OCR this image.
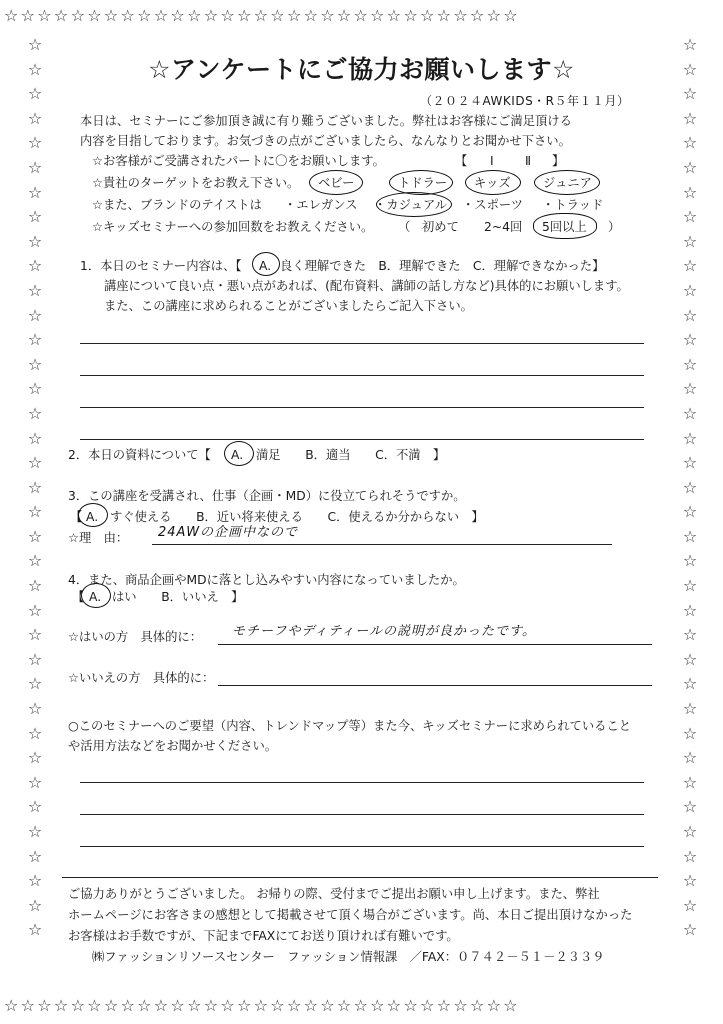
☆☆☆☆☆☆☆☆☆☆☆☆☆☆☆☆☆☆☆☆☆☆☆☆☆☆☆☆☆☆☆
☆☆☆☆☆☆☆☆☆☆☆☆☆☆☆☆☆☆☆☆☆☆☆☆☆☆☆☆☆☆☆
☆
☆
☆
☆
☆
☆
☆
☆
☆
☆
☆
☆
☆
☆
☆
☆
☆
☆
☆
☆
☆
☆
☆
☆
☆
☆
☆
☆
☆
☆
☆
☆
☆
☆
☆
☆
☆
☆
☆
☆
☆
☆
☆
☆
☆
☆
☆
☆
☆
☆
☆
☆
☆
☆
☆
☆
☆
☆
☆
☆
☆
☆
☆
☆
☆
☆
☆
☆
☆
☆
☆
☆
☆
☆
☆アンケートにご協力お願いします☆
（２０２４AWKIDS・R５年１１月）
本日は、セミナーにご参加頂き誠に有り難うございました。弊社はお客様にご満足頂ける
内容を目指しております。お気づきの点がございましたら、なんなりとお聞かせ下さい。
☆お客様がご受講されたパートに〇をお願いします。	【 Ⅰ	Ⅱ 】
☆貴社のターゲットをお教え下さい。 ベビー	トドラー キッズ	ジュニア
☆また、ブランドのテイストは ・エレガンス ・カジュアル ・スポーツ ・トラッド
☆キッズセミナーへの参加回数をお教えください。 （ 初めて 2~4回 5回以上 ）
1．本日のセミナー内容は、【 A. 良く理解できた　B．理解できた　C．理解できなかった】
講座について良い点・悪い点があれば、(配布資料、講師の話し方など)具体的にお願いします。
また、この講座に求められることがございましたらご記入下さい。
2．本日の資料について【 A. 満足　　B．適当　　C．不満　】
3．この講座を受講され、仕事（企画・MD）に役立てられそうですか。
【 A. すぐ使える　　B．近い将来使える　　C．使えるか分からない　】
☆理　由： 24AWの企画中なので
4．また、商品企画やMDに落とし込みやすい内容になっていましたか。
【 A. はい　　B．いいえ　】
☆はいの方　具体的に： モチーフやディティールの説明が良かったです。
☆いいえの方　具体的に：
○このセミナーへのご要望（内容、トレンドマップ等）また今、キッズセミナーに求められていること
や活用方法などをお聞かせください。
ご協力ありがとうございました。 お帰りの際、受付までご提出お願い申し上げます。また、弊社
ホームページにお客さまの感想として掲載させて頂く場合がございます。尚、本日ご提出頂けなかった
お客様はお手数ですが、下記までFAXにてお送り頂ければ有難いです。
㈱ファッションリソースセンター　ファッション情報課　／FAX：０７４２－５１－２３３９
